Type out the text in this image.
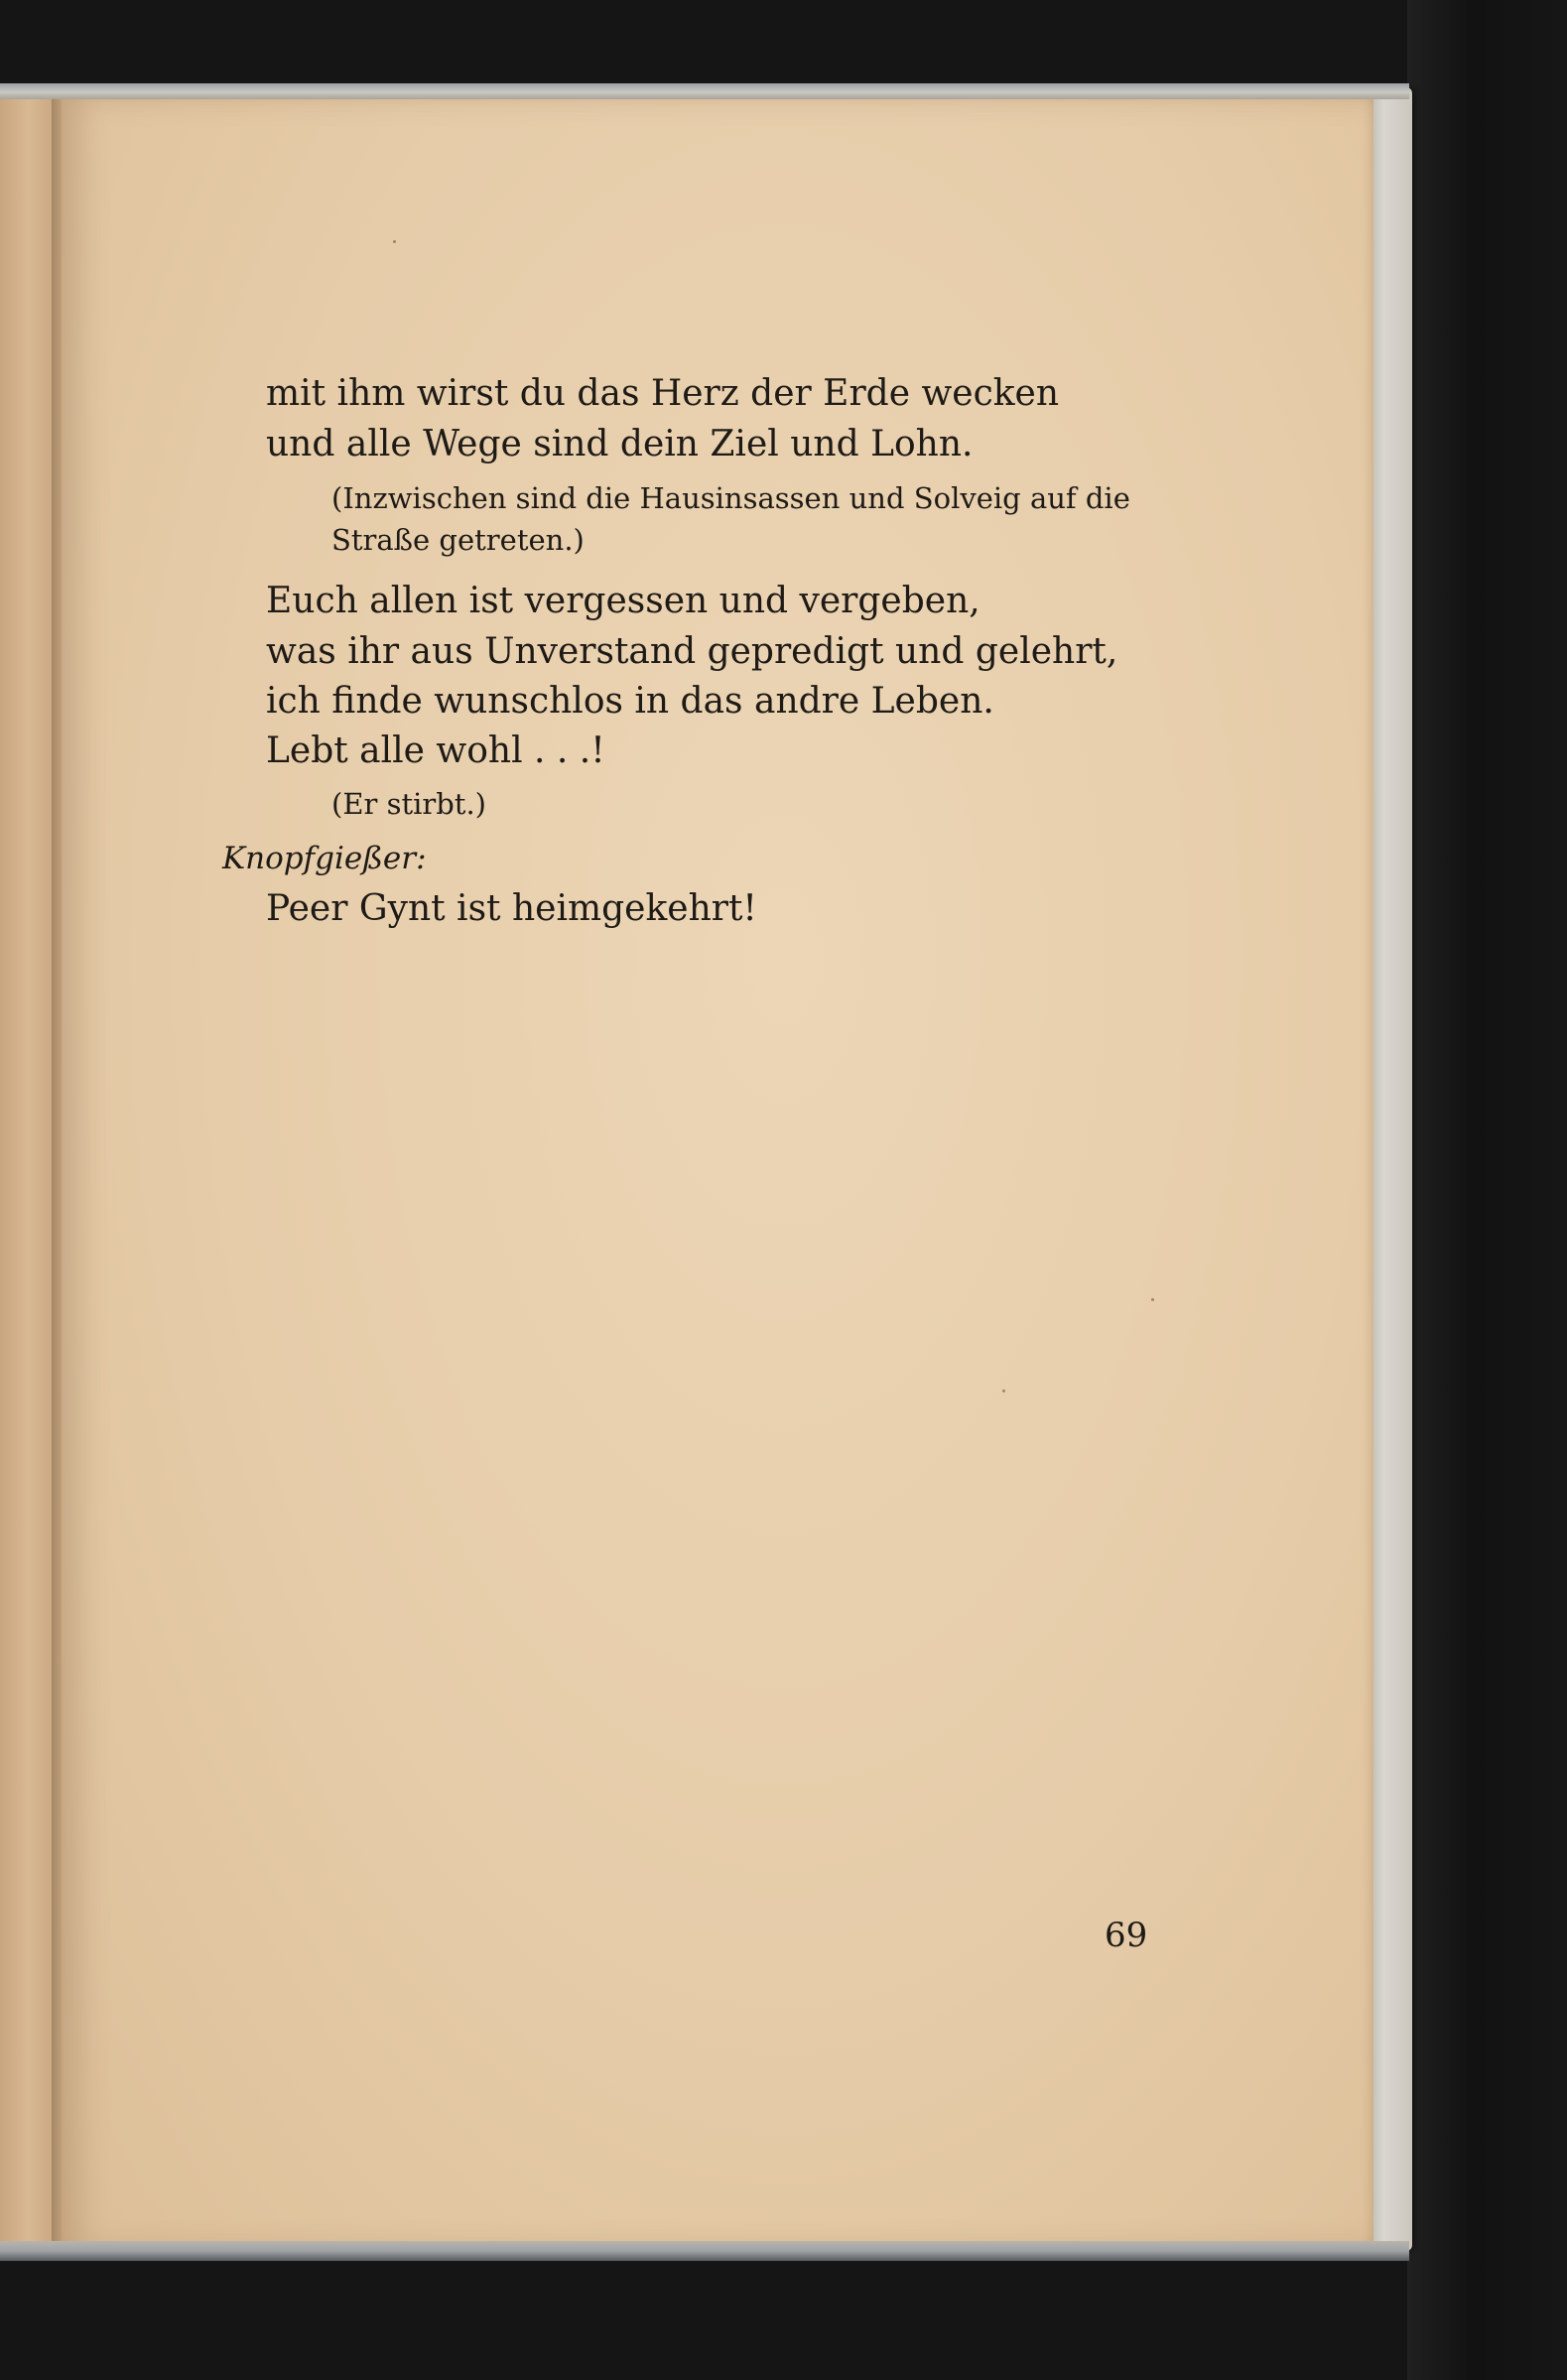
mit ihm wirst du das Herz der Erde wecken
und alle Wege sind dein Ziel und Lohn.
(Inzwischen sind die Hausinsassen und Solveig auf die
Straße getreten.)
Euch allen ist vergessen und vergeben,
was ihr aus Unverstand gepredigt und gelehrt,
ich finde wunschlos in das andre Leben.
Lebt alle wohl . . .!
(Er stirbt.)
Knopfgießer:
Peer Gynt ist heimgekehrt!
69
